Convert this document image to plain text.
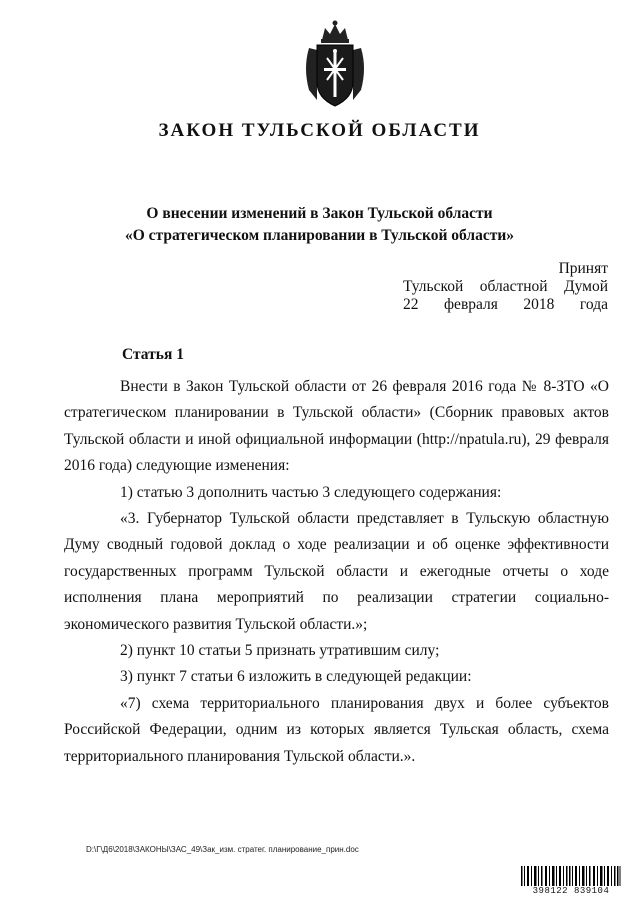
ЗАКОН ТУЛЬСКОЙ ОБЛАСТИ
О внесении изменений в Закон Тульской области
«О стратегическом планировании в Тульской области»
Принят
Тульской областной Думой
22 февраля 2018 года
Статья 1

Внести в Закон Тульской области от 26 февраля 2016 года № 8-ЗТО «О стратегическом планировании в Тульской области» (Сборник правовых актов Тульской области и иной официальной информации (http://npatula.ru), 29 февраля 2016 года) следующие изменения:

1) статью 3 дополнить частью 3 следующего содержания:

«3. Губернатор Тульской области представляет в Тульскую областную Думу сводный годовой доклад о ходе реализации и об оценке эффективности государственных программ Тульской области и ежегодные отчеты о ходе исполнения плана мероприятий по реализации стратегии социально-экономического развития Тульской области.»;

2) пункт 10 статьи 5 признать утратившим силу;

3) пункт 7 статьи 6 изложить в следующей редакции:

«7) схема территориального планирования двух и более субъектов Российской Федерации, одним из которых является Тульская область, схема территориального планирования Тульской области.».

D:\Г\Д6\2018\ЗАКОНЫ\ЗАС_49\Зак_изм. стратег. планирование_прин.doc
398122 839104
